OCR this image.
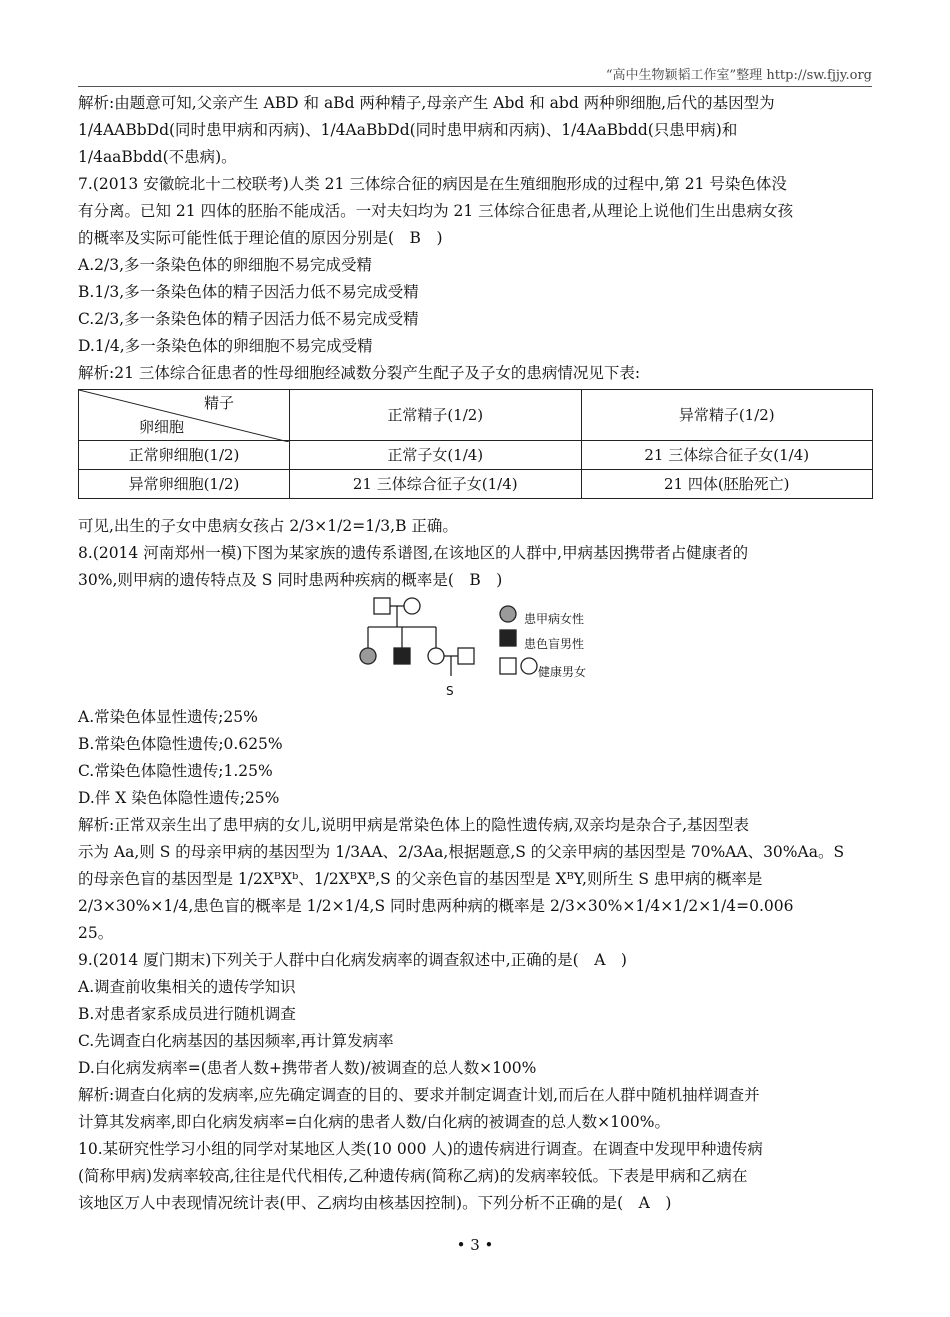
“高中生物颖韬工作室”整理 http://sw.fjjy.org

解析:由题意可知,父亲产生 ABD 和 aBd 两种精子,母亲产生 Abd 和 abd 两种卵细胞,后代的基因型为

1/4AABbDd(同时患甲病和丙病)、1/4AaBbDd(同时患甲病和丙病)、1/4AaBbdd(只患甲病)和

1/4aaBbdd(不患病)。

7.(2013 安徽皖北十二校联考)人类 21 三体综合征的病因是在生殖细胞形成的过程中,第 21 号染色体没

有分离。已知 21 四体的胚胎不能成活。一对夫妇均为 21 三体综合征患者,从理论上说他们生出患病女孩

的概率及实际可能性低于理论值的原因分别是(　B　)

A.2/3,多一条染色体的卵细胞不易完成受精

B.1/3,多一条染色体的精子因活力低不易完成受精

C.2/3,多一条染色体的精子因活力低不易完成受精

D.1/4,多一条染色体的卵细胞不易完成受精

解析:21 三体综合征患者的性母细胞经减数分裂产生配子及子女的患病情况见下表:

精子
卵细胞	正常精子(1/2)	异常精子(1/2)
正常卵细胞(1/2)	正常子女(1/4)	21 三体综合征子女(1/4)
异常卵细胞(1/2)	21 三体综合征子女(1/4)	21 四体(胚胎死亡)

可见,出生的子女中患病女孩占 2/3×1/2=1/3,B 正确。

8.(2014 河南郑州一模)下图为某家族的遗传系谱图,在该地区的人群中,甲病基因携带者占健康者的

30%,则甲病的遗传特点及 S 同时患两种疾病的概率是(　B　)

S
患甲病女性
患色盲男性
健康男女

A.常染色体显性遗传;25%

B.常染色体隐性遗传;0.625%

C.常染色体隐性遗传;1.25%

D.伴 X 染色体隐性遗传;25%

解析:正常双亲生出了患甲病的女儿,说明甲病是常染色体上的隐性遗传病,双亲均是杂合子,基因型表

示为 Aa,则 S 的母亲甲病的基因型为 1/3AA、2/3Aa,根据题意,S 的父亲甲病的基因型是 70%AA、30%Aa。S

的母亲色盲的基因型是 1/2XᴮXᵇ、1/2XᴮXᴮ,S 的父亲色盲的基因型是 XᴮY,则所生 S 患甲病的概率是

2/3×30%×1/4,患色盲的概率是 1/2×1/4,S 同时患两种病的概率是 2/3×30%×1/4×1/2×1/4=0.006

25。

9.(2014 厦门期末)下列关于人群中白化病发病率的调查叙述中,正确的是(　A　)

A.调查前收集相关的遗传学知识

B.对患者家系成员进行随机调查

C.先调查白化病基因的基因频率,再计算发病率

D.白化病发病率=(患者人数+携带者人数)/被调查的总人数×100%

解析:调查白化病的发病率,应先确定调查的目的、要求并制定调查计划,而后在人群中随机抽样调查并

计算其发病率,即白化病发病率=白化病的患者人数/白化病的被调查的总人数×100%。

10.某研究性学习小组的同学对某地区人类(10 000 人)的遗传病进行调查。在调查中发现甲种遗传病

(简称甲病)发病率较高,往往是代代相传,乙种遗传病(简称乙病)的发病率较低。下表是甲病和乙病在

该地区万人中表现情况统计表(甲、乙病均由核基因控制)。下列分析不正确的是(　A　)

• 3 •
